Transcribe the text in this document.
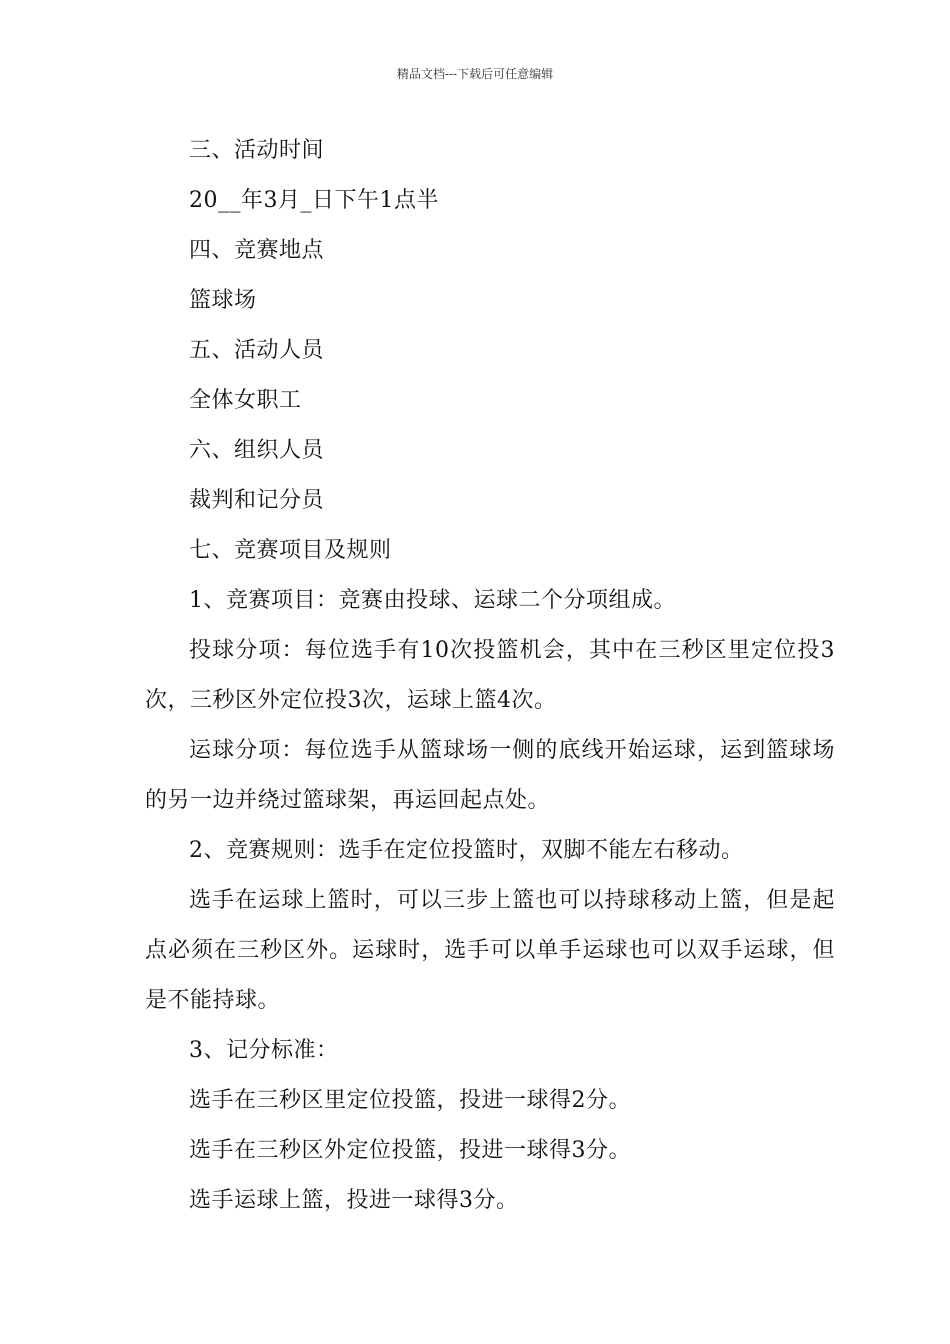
精品文档---下载后可任意编辑

三、活动时间

20__年3月_日下午1点半

四、竞赛地点

篮球场

五、活动人员

全体女职工

六、组织人员

裁判和记分员

七、竞赛项目及规则

1、竞赛项目：竞赛由投球、运球二个分项组成。

投球分项：每位选手有10次投篮机会，其中在三秒区里定位投3次，三秒区外定位投3次，运球上篮4次。

运球分项：每位选手从篮球场一侧的底线开始运球，运到篮球场的另一边并绕过篮球架，再运回起点处。

2、竞赛规则：选手在定位投篮时，双脚不能左右移动。

选手在运球上篮时，可以三步上篮也可以持球移动上篮，但是起点必须在三秒区外。运球时，选手可以单手运球也可以双手运球，但是不能持球。

3、记分标准：

选手在三秒区里定位投篮，投进一球得2分。

选手在三秒区外定位投篮，投进一球得3分。

选手运球上篮，投进一球得3分。
